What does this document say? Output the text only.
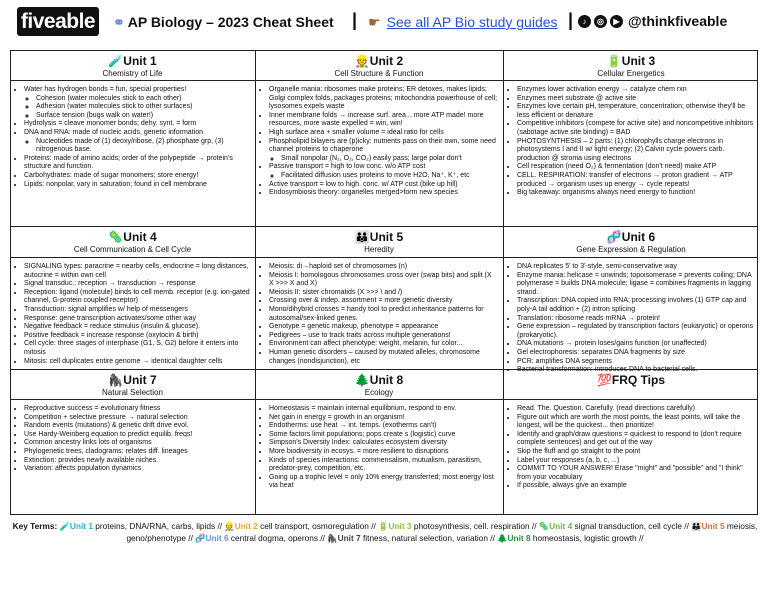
fiveable ⚭ AP Biology – 2023 Cheat Sheet | ☛ See all AP Bio study guides |	♪ ◎ ▶ @thinkfiveable
🧪Unit 1
Chemistry of Life
• Water has hydrogen bonds = fun, special properties!
◦ Cohesion (water molecules stick to each other)
◦ Adhesion (water molecules stick to other surfaces)
◦ Surface tension (bugs walk on water!)
• Hydrolysis = cleave monomer bonds; dehy. synt. = form
• DNA and RNA: made of nucleic acids, genetic information
◦ Nucleotides made of (1) deoxy/ribose, (2) phosphate grp, (3) nitrogenous base.
• Proteins: made of amino acids; order of the polypeptide → protein’s structure and function.
• Carbohydrates: made of sugar monomers; store energy!
• Lipids: nonpolar, vary in saturation; found in cell membrane
👷Unit 2
Cell Structure & Function
• Organelle mania: ribosomes make proteins; ER detoxes, makes lipids; Golgi complex folds, packages proteins; mitochondria powerhouse of cell; lysosomes expels waste
• Inner membrane folds → increase surf. area... more ATP made! more resources, more waste expelled = win, win!
• High surface area + smaller volume = ideal ratio for cells
• Phospholipid bilayers are (p)icky: nutrients pass on their own, some need channel proteins to chaperone
◦ Small nonpolar (N₂, O₂, CO₂) easily pass; large polar don't
• Passive transport = high to low conc. w/o ATP cost
◦ Facilitated diffusion uses proteins to move H2O, Na⁺, K⁺, etc
• Active transport = low to high. conc. w/ ATP cost (bike up hill)
• Endosymbiosis theory: organelles merged>form new species
🔋Unit 3
Cellular Energetics
• Enzymes lower activation energy → catalyze chem rxn
• Enzymes meet substrate @ active site
• Enzymes love certain pH, temperature, concentration; otherwise they'll be less efficient or denature
• Competitive inhibitors (compete for active site) and noncompetitive inhibitors (sabotage active site binding) = BAD
• PHOTOSYNTHESIS – 2 parts: (1) chlorophylls charge electrons in photosystems I and II w/ light energy; (2) Calvin cycle powers carb. production @ stroma using electrons
• Cell respiration (need O₂) & fermentation (don't need) make ATP
• CELL. RESPIRATION: transfer of electrons → proton gradient → ATP produced → organism uses up energy → cycle repeats!
• Big takeaway: organisms always need energy to function!
🦠Unit 4
Cell Communication & Cell Cycle
• SIGNALING types: paracrine = nearby cells, endocrine = long distances, autocrine = within own cell
• Signal transduc.: reception → transduction → response
• Reception: ligand (molecule) binds to cell memb. receptor (e.g. ion-gated channel, G-protein coupled receptor)
• Transduction: signal amplifies w/ help of messengers
• Response: gene transcription activates/some other way
• Negative feedback = reduce stimulus (insulin & glucose).
• Positive feedback = increase response (oxytocin & birth)
• Cell cycle: three stages of interphase (G1, S, G2) before it enters into mitosis
• Mitosis: cell duplicates entire genome → identical daughter cells
👪Unit 5
Heredity
• Meiosis: di→haploid set of chromosomes (n)
• Meiosis I: homologous chromosomes cross over (swap bits) and split (X X >>> X and X)
• Meiosis II: sister chromatids (X >>> \ and /)
• Crossing over & indep. assortment = more genetic diversity
• Mono/dihybrid crosses = handy tool to predict inheritance patterns for autosomal/sex-linked genes.
• Genotype = genetic makeup, phenotype = appearance
• Pedigrees – use to track traits across multiple generations!
• Environment can affect phenotype: weight, melanin, fur color...
• Human genetic disorders – caused by mutated alleles, chromosome changes (nondisjunction), etc
🧬Unit 6
Gene Expression & Regulation
• DNA replicates 5' to 3'-style, semi-conservative way
• Enzyme mania: helicase = unwinds; topoisomerase = prevents coiling; DNA polymerase = builds DNA molecule; ligase = combines fragments in lagging strand.
• Transcription: DNA copied into RNA; processing involves (1) GTP cap and poly-A tail addition + (2) intron splicing
• Translation: ribosome reads mRNA → protein!
• Gene expression – regulated by transcription factors (eukaryotic) or operons (prokaryotic).
• DNA mutations → protein loses/gains function (or unaffected)
• Gel electrophoresis: separates DNA fragments by size
• PCR: amplifies DNA segments
• Bacterial transformation: introduces DNA to bacterial cells.
🦍Unit 7
Natural Selection
• Reproductive success = evolutionary fitness
• Competition + selective pressure → natural selection
• Random events (mutations) & genetic drift drive evol.
• Use Hardy-Weinberg equation to predict equilib. freqs!
• Common ancestry links lots of organisms
• Phylogenetic trees, cladograms: relates diff. lineages
• Extinction: provides newly available niches.
• Variation: affects population dynamics
🌲Unit 8
Ecology
• Homeostasis = maintain internal equilibrium, respond to env.
• Net gain in energy = growth in an organism!
• Endotherms: use heat → int. temps. (exotherms can't)
• Some factors limit populations; pops create s (logistic) curve
• Simpson's Diversity Index: calculates ecosystem diversity
• More biodiversity in ecosys. = more resilient to disruptions
• Kinds of species interactions: commensalism, mutualism, parasitism, predator-prey, competition, etc.
• Going up a trophic level = only 10% energy transferred; most energy lost via heat
💯FRQ Tips
• Read. The. Question. Carefully. (read directions carefully)
• Figure out which are worth the most points, the least points, will take the longest, will be the quickest... then prioritize!
• Identify and graph/draw questions = quickest to respond to (don't require complete sentences) and get out of the way
• Skip the fluff and go straight to the point
• Label your responses (a, b, c, ...)
• COMMIT TO YOUR ANSWER! Erase "might" and "possible" and "I think" from your vocabulary
• If possible, always give an example
Key Terms: 🧪Unit 1 proteins, DNA/RNA, carbs, lipids // 👷Unit 2 cell transport, osmoregulation // 🔋Unit 3 photosynthesis, cell. respiration // 🦠Unit 4 signal transduction, cell cycle // 👪Unit 5 meiosis, geno/phenotype // 🧬Unit 6 central dogma, operons // 🦍Unit 7 fitness, natural selection, variation // 🌲Unit 8 homeostasis, logistic growth //
